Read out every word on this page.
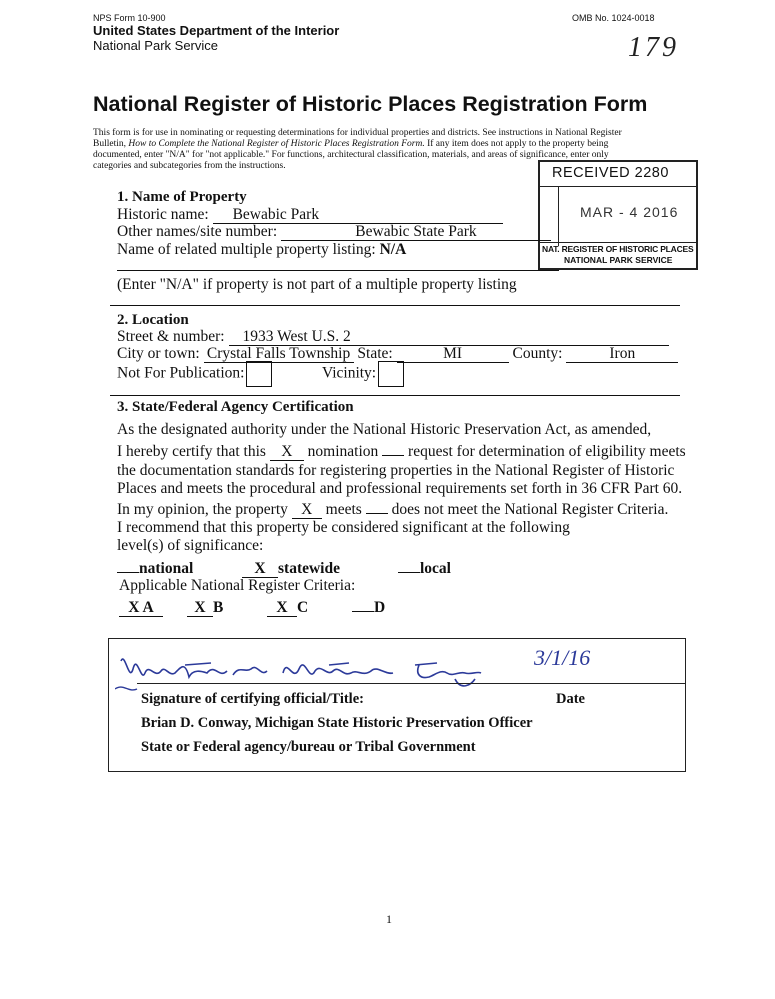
NPS Form 10-900
United States Department of the Interior
National Park Service
OMB No. 1024-0018
179
National Register of Historic Places Registration Form
This form is for use in nominating or requesting determinations for individual properties and districts. See instructions in National Register
Bulletin, How to Complete the National Register of Historic Places Registration Form. If any item does not apply to the property being
documented, enter "N/A" for "not applicable." For functions, architectural classification, materials, and areas of significance, enter only
categories and subcategories from the instructions.	RECEIVED 2280
MAR - 4 2016
NAT. REGISTER OF HISTORIC PLACES
NATIONAL PARK SERVICE
1. Name of Property
Historic name: Bewabic Park
Other names/site number:	Bewabic State Park
Name of related multiple property listing: N/A
(Enter "N/A" if property is not part of a multiple property listing
2. Location
Street & number: 1933 West U.S. 2
City or town: Crystal Falls Township State:	MI	County:	Iron
Not For Publication:	Vicinity:
3. State/Federal Agency Certification
As the designated authority under the National Historic Preservation Act, as amended,
I hereby certify that this X nomination request for determination of eligibility meets
the documentation standards for registering properties in the National Register of Historic
Places and meets the procedural and professional requirements set forth in 36 CFR Part 60.
In my opinion, the property X meets does not meet the National Register Criteria.
I recommend that this property be considered significant at the following
level(s) of significance:
national	X statewide	local
Applicable National Register Criteria:
X A	X B	X C	D
3/1/16
Signature of certifying official/Title:	Date
Brian D. Conway, Michigan State Historic Preservation Officer
State or Federal agency/bureau or Tribal Government
1
